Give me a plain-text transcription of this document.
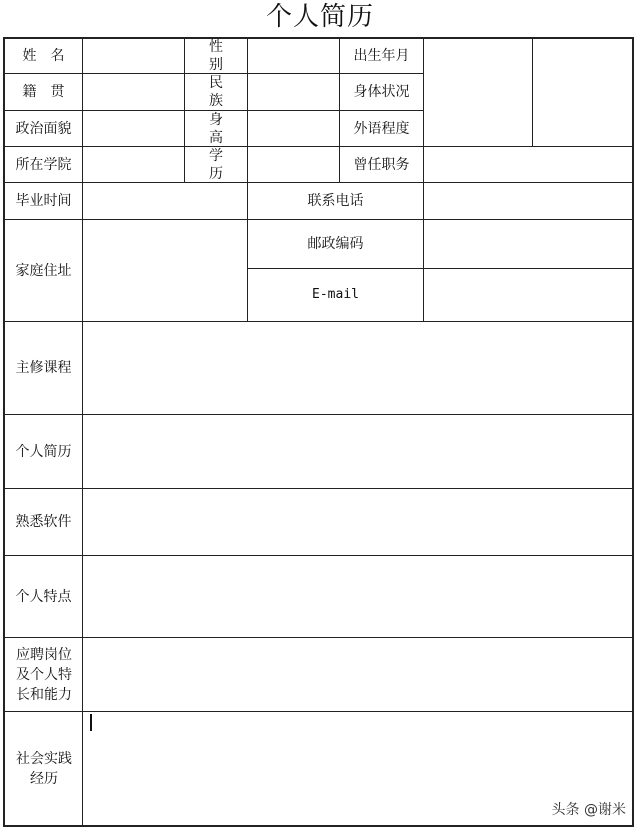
个人简历
姓名
性别
出生年月
籍贯
民族
身体状况
政治面貌
身高
外语程度
所在学院
学历
曾任职务
毕业时间	联系电话
家庭住址
邮政编码
E-mail
主修课程
个人简历
熟悉软件
个人特点
应聘岗位及个人特长和能力
社会实践经历
头条 @谢米
